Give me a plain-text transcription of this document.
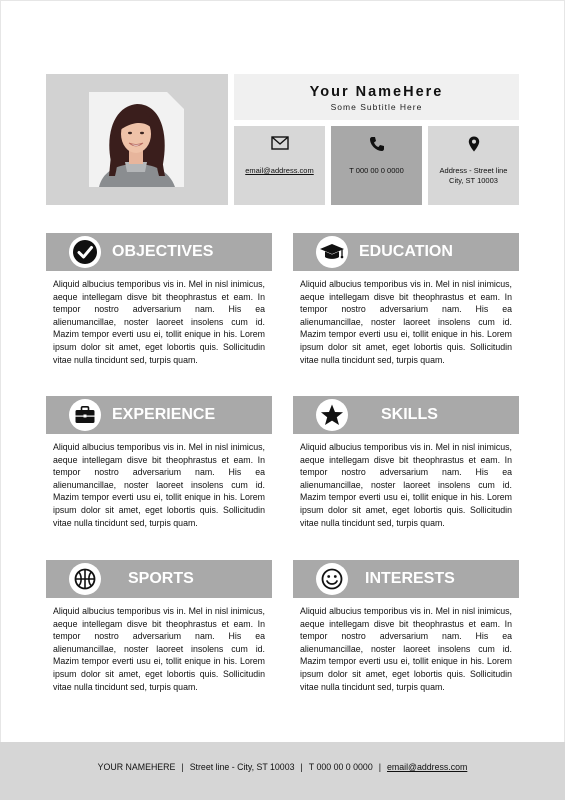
Your NameHere
Some Subtitle Here
email@address.com	T 000 00 0 0000	Address - Street line
City, ST 10003
OBJECTIVES
Aliquid albucius temporibus vis in. Mel in nisl inimicus, aeque intellegam disve bit theophrastus et eam. In tempor nostro adversarium nam. His ea alienumancillae, noster laoreet insolens cum id. Mazim tempor everti usu ei, tollit enique in his. Lorem ipsum dolor sit amet, eget lobortis quis. Sollicitudin vitae nulla tincidunt sed, turpis quam.
EDUCATION
Aliquid albucius temporibus vis in. Mel in nisl inimicus, aeque intellegam disve bit theophrastus et eam. In tempor nostro adversarium nam. His ea alienumancillae, noster laoreet insolens cum id. Mazim tempor everti usu ei, tollit enique in his. Lorem ipsum dolor sit amet, eget lobortis quis. Sollicitudin vitae nulla tincidunt sed, turpis quam.
EXPERIENCE
Aliquid albucius temporibus vis in. Mel in nisl inimicus, aeque intellegam disve bit theophrastus et eam. In tempor nostro adversarium nam. His ea alienumancillae, noster laoreet insolens cum id. Mazim tempor everti usu ei, tollit enique in his. Lorem ipsum dolor sit amet, eget lobortis quis. Sollicitudin vitae nulla tincidunt sed, turpis quam.
SKILLS
Aliquid albucius temporibus vis in. Mel in nisl inimicus, aeque intellegam disve bit theophrastus et eam. In tempor nostro adversarium nam. His ea alienumancillae, noster laoreet insolens cum id. Mazim tempor everti usu ei, tollit enique in his. Lorem ipsum dolor sit amet, eget lobortis quis. Sollicitudin vitae nulla tincidunt sed, turpis quam.
SPORTS
Aliquid albucius temporibus vis in. Mel in nisl inimicus, aeque intellegam disve bit theophrastus et eam. In tempor nostro adversarium nam. His ea alienumancillae, noster laoreet insolens cum id. Mazim tempor everti usu ei, tollit enique in his. Lorem ipsum dolor sit amet, eget lobortis quis. Sollicitudin vitae nulla tincidunt sed, turpis quam.
INTERESTS
Aliquid albucius temporibus vis in. Mel in nisl inimicus, aeque intellegam disve bit theophrastus et eam. In tempor nostro adversarium nam. His ea alienumancillae, noster laoreet insolens cum id. Mazim tempor everti usu ei, tollit enique in his. Lorem ipsum dolor sit amet, eget lobortis quis. Sollicitudin vitae nulla tincidunt sed, turpis quam.
YOUR NAMEHERE | Street line - City, ST 10003 | T 000 00 0 0000 | email@address.com
